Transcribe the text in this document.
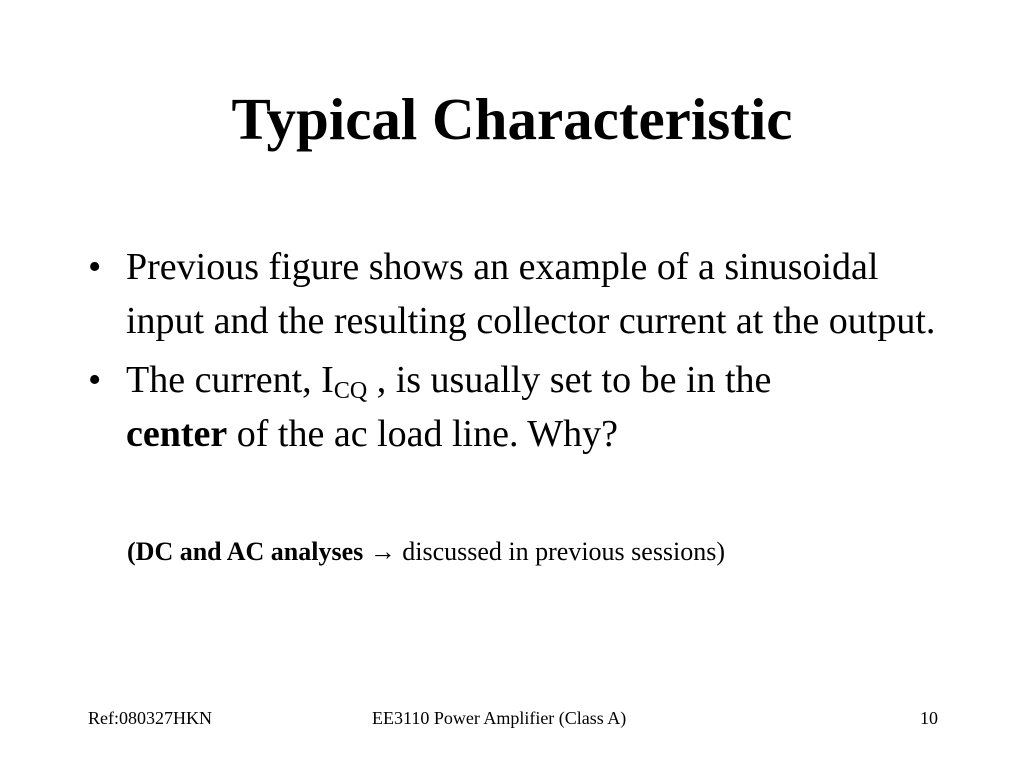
Typical Characteristic
• Previous figure shows an example of a sinusoidal input and the resulting collector current at the output.
• The current, $I_{CQ}$ , is usually set to be in the
center of the ac load line. Why?
(DC and AC analyses → discussed in previous sessions)
Ref:080327HKN	EE3110 Power Amplifier (Class A)	10
